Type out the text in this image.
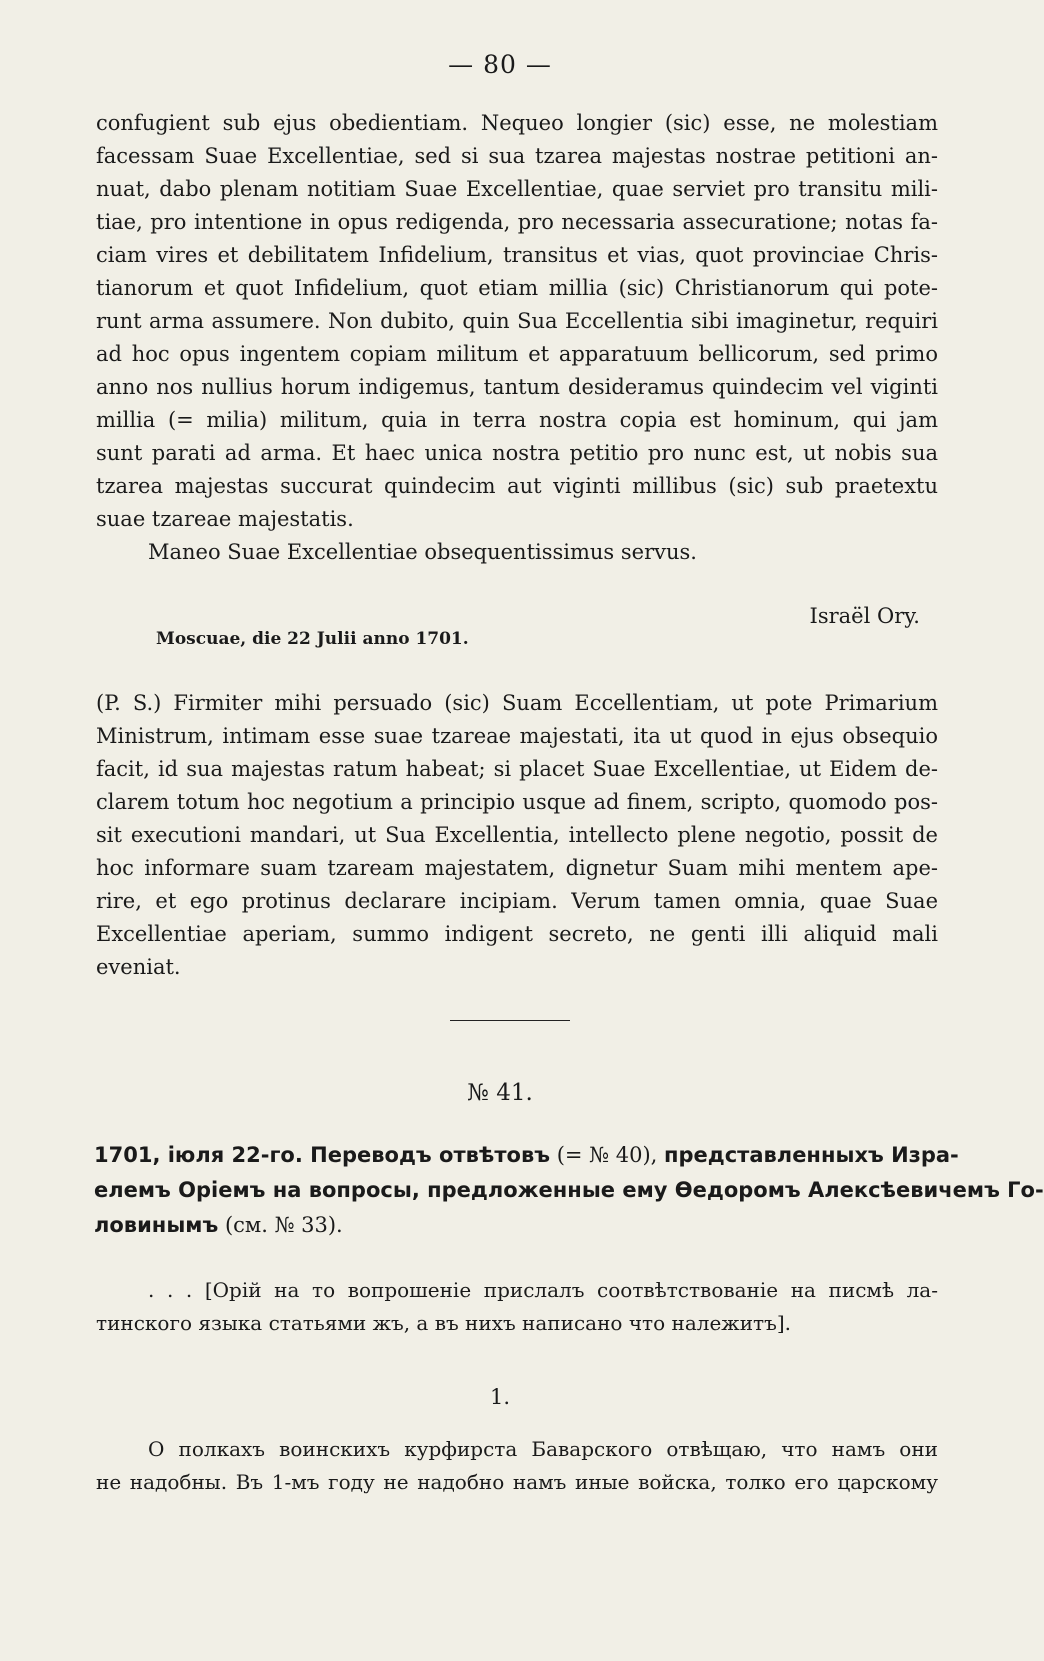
— 80 —
confugient sub ejus obedientiam. Nequeo longier (sic) esse, ne molestiam
facessam Suae Excellentiae, sed si sua tzarea majestas nostrae petitioni an-
nuat, dabo plenam notitiam Suae Excellentiae, quae serviet pro transitu mili-
tiae, pro intentione in opus redigenda, pro necessaria assecuratione; notas fa-
ciam vires et debilitatem Infidelium, transitus et vias, quot provinciae Chris-
tianorum et quot Infidelium, quot etiam millia (sic) Christianorum qui pote-
runt arma assumere. Non dubito, quin Sua Eccellentia sibi imaginetur, requiri
ad hoc opus ingentem copiam militum et apparatuum bellicorum, sed primo
anno nos nullius horum indigemus, tantum desideramus quindecim vel viginti
millia (= milia) militum, quia in terra nostra copia est hominum, qui jam
sunt parati ad arma. Et haec unica nostra petitio pro nunc est, ut nobis sua
tzarea majestas succurat quindecim aut viginti millibus (sic) sub praetextu
suae tzareae majestatis.
Maneo Suae Excellentiae obsequentissimus servus.
Israël Ory.
Moscuae, die 22 Julii anno 1701.
(P. S.) Firmiter mihi persuado (sic) Suam Eccellentiam, ut pote Primarium
Ministrum, intimam esse suae tzareae majestati, ita ut quod in ejus obsequio
facit, id sua majestas ratum habeat; si placet Suae Excellentiae, ut Eidem de-
clarem totum hoc negotium a principio usque ad finem, scripto, quomodo pos-
sit executioni mandari, ut Sua Excellentia, intellecto plene negotio, possit de
hoc informare suam tzaream majestatem, dignetur Suam mihi mentem ape-
rire, et ego protinus declarare incipiam. Verum tamen omnia, quae Suae
Excellentiae aperiam, summo indigent secreto, ne genti illi aliquid mali
eveniat.
№ 41.
1701, іюля 22-го. Переводъ отвѣтовъ (= № 40), представленныхъ Изра-
елемъ Оріемъ на вопросы, предложенные ему Ѳедоромъ Алексѣевичемъ Го-
ловинымъ (см. № 33).
. . . [Орій на то вопрошеніе прислалъ соотвѣтствованіе на писмѣ ла-
тинского языка статьями жъ, а въ нихъ написано что належитъ].
1.
О полкахъ воинскихъ курфирста Баварского отвѣщаю, что намъ они
не надобны. Въ 1-мъ году не надобно намъ иные войска, толко его царскому
